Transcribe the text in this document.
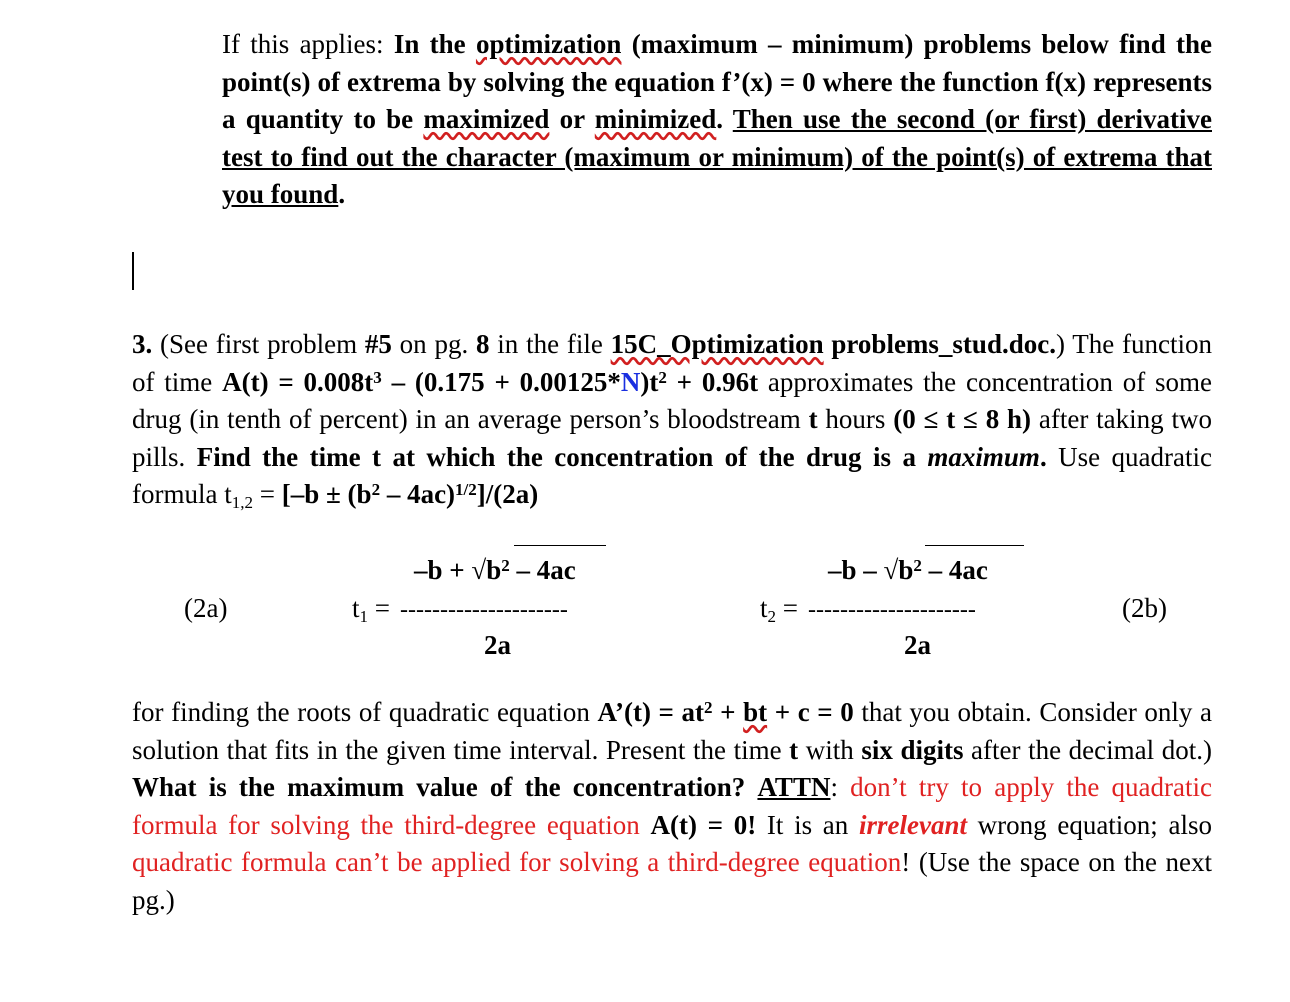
If this applies: In the optimization (maximum – minimum) problems below find the point(s) of extrema by solving the equation f’(x) = 0 where the function f(x) represents a quantity to be maximized or minimized. Then use the second (or first) derivative test to find out the character (maximum or minimum) of the point(s) of extrema that you found.
3. (See first problem #5 on pg. 8 in the file 15C_Optimization problems_stud.doc.) The function of time $A(t) = 0.008t^3 - (0.175 + 0.00125*N)t^2 + 0.96t$ approximates the concentration of some drug (in tenth of percent) in an average person’s bloodstream t hours (0 ≤ t ≤ 8 h) after taking two pills. Find the time t at which the concentration of the drug is a maximum. Use quadratic formula $t_{1,2} = [-b \pm (b^2 - 4ac)^{1/2}]/(2a)$
$-b + √b^2 - 4ac$	$-b - √b^2 - 4ac$
(2a)	$t_1$ = ---------------------	$t_2$ = ---------------------	(2b)
2a	2a
for finding the roots of quadratic equation A’(t) = $at^2$ + bt + c = 0 that you obtain. Consider only a solution that fits in the given time interval. Present the time t with six digits after the decimal dot.) What is the maximum value of the concentration? ATTN: don’t try to apply the quadratic formula for solving the third-degree equation A(t) = 0! It is an irrelevant wrong equation; also quadratic formula can’t be applied for solving a third-degree equation! (Use the space on the next pg.)
